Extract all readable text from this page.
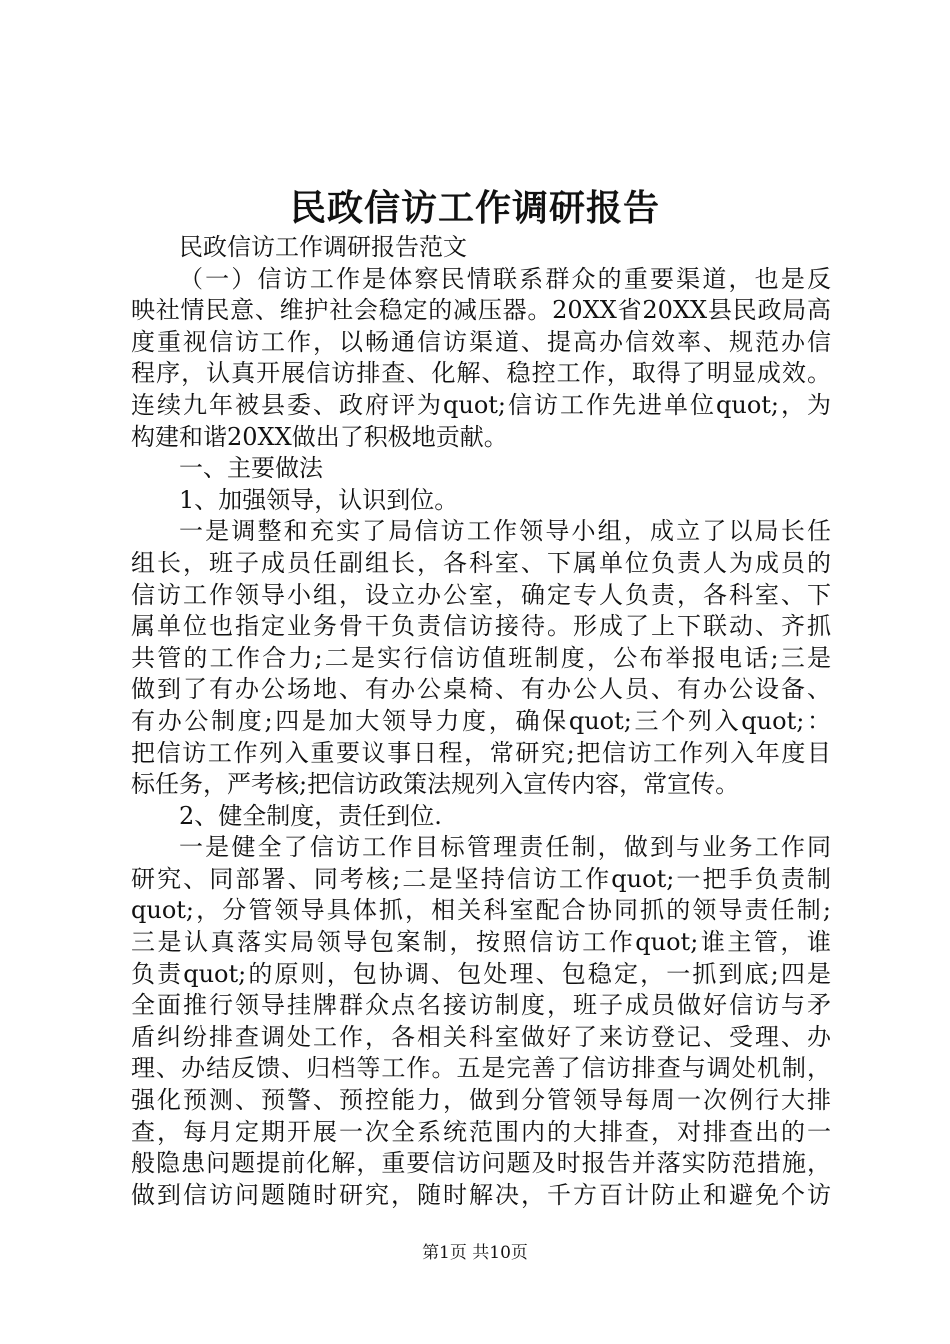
民政信访工作调研报告
民政信访工作调研报告范文
（一）信访工作是体察民情联系群众的重要渠道，也是反
映社情民意、维护社会稳定的减压器。20XX省20XX县民政局高
度重视信访工作，以畅通信访渠道、提高办信效率、规范办信
程序，认真开展信访排查、化解、稳控工作，取得了明显成效。
连续九年被县委、政府评为quot;信访工作先进单位quot;，为
构建和谐20XX做出了积极地贡献。
一、主要做法
1、加强领导，认识到位。
一是调整和充实了局信访工作领导小组，成立了以局长任
组长，班子成员任副组长，各科室、下属单位负责人为成员的
信访工作领导小组，设立办公室，确定专人负责，各科室、下
属单位也指定业务骨干负责信访接待。形成了上下联动、齐抓
共管的工作合力;二是实行信访值班制度，公布举报电话;三是
做到了有办公场地、有办公桌椅、有办公人员、有办公设备、
有办公制度;四是加大领导力度，确保quot;三个列入quot;：
把信访工作列入重要议事日程，常研究;把信访工作列入年度目
标任务，严考核;把信访政策法规列入宣传内容，常宣传。
2、健全制度，责任到位.
一是健全了信访工作目标管理责任制，做到与业务工作同
研究、同部署、同考核;二是坚持信访工作quot;一把手负责制
quot;，分管领导具体抓，相关科室配合协同抓的领导责任制;
三是认真落实局领导包案制，按照信访工作quot;谁主管，谁
负责quot;的原则，包协调、包处理、包稳定，一抓到底;四是
全面推行领导挂牌群众点名接访制度，班子成员做好信访与矛
盾纠纷排查调处工作，各相关科室做好了来访登记、受理、办
理、办结反馈、归档等工作。五是完善了信访排查与调处机制，
强化预测、预警、预控能力，做到分管领导每周一次例行大排
查，每月定期开展一次全系统范围内的大排查，对排查出的一
般隐患问题提前化解，重要信访问题及时报告并落实防范措施，
做到信访问题随时研究，随时解决，千方百计防止和避免个访
第1页 共10页
